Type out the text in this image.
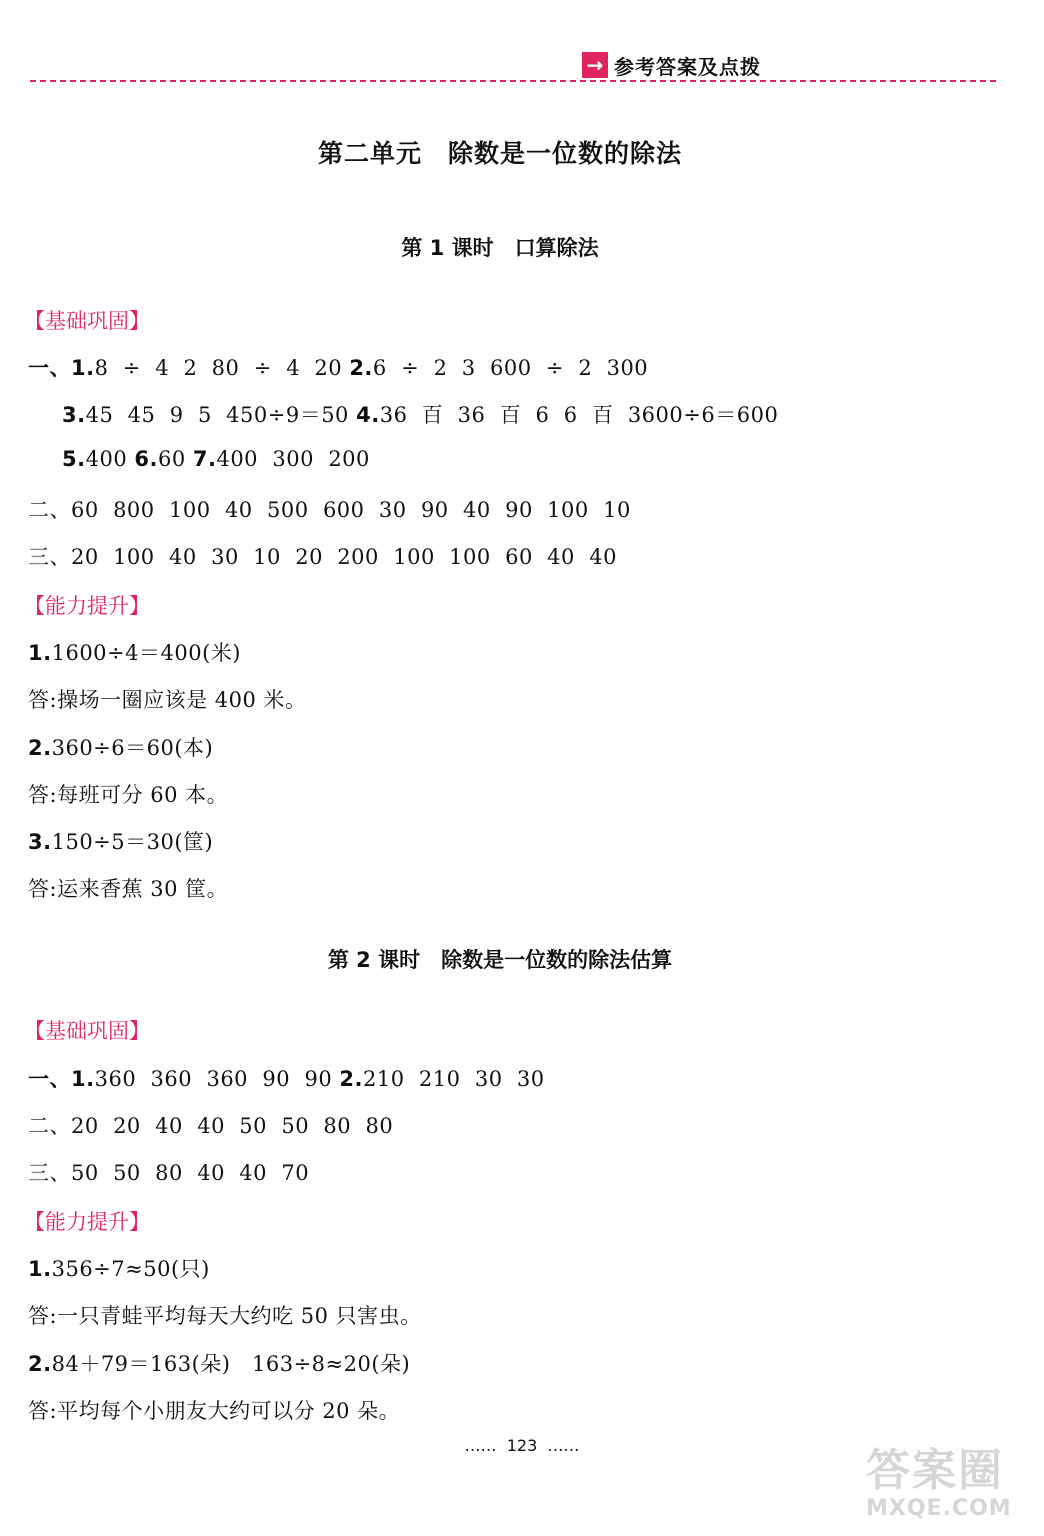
→ 参考答案及点拨
第二单元　除数是一位数的除法
第 1 课时　口算除法
【基础巩固】
一、1.8  ÷  4  2  80  ÷  4  20 2.6  ÷  2  3  600  ÷  2  300
3.45  45  9  5  450÷9＝50 4.36  百  36  百  6  6  百  3600÷6＝600
5.400 6.60 7.400  300  200
二、60  800  100  40  500  600  30  90  40  90  100  10
三、20  100  40  30  10  20  200  100  100  60  40  40
【能力提升】
1.1600÷4＝400(米)
答:操场一圈应该是 400 米。
2.360÷6＝60(本)
答:每班可分 60 本。
3.150÷5＝30(筐)
答:运来香蕉 30 筐。
第 2 课时　除数是一位数的除法估算
【基础巩固】
一、1.360  360  360  90  90 2.210  210  30  30
二、20  20  40  40  50  50  80  80
三、50  50  80  40  40  70
【能力提升】
1.356÷7≈50(只)
答:一只青蛙平均每天大约吃 50 只害虫。
2.84＋79＝163(朵)　163÷8≈20(朵)
答:平均每个小朋友大约可以分 20 朵。
……  123  ……	答案圈
MXQE.COM
